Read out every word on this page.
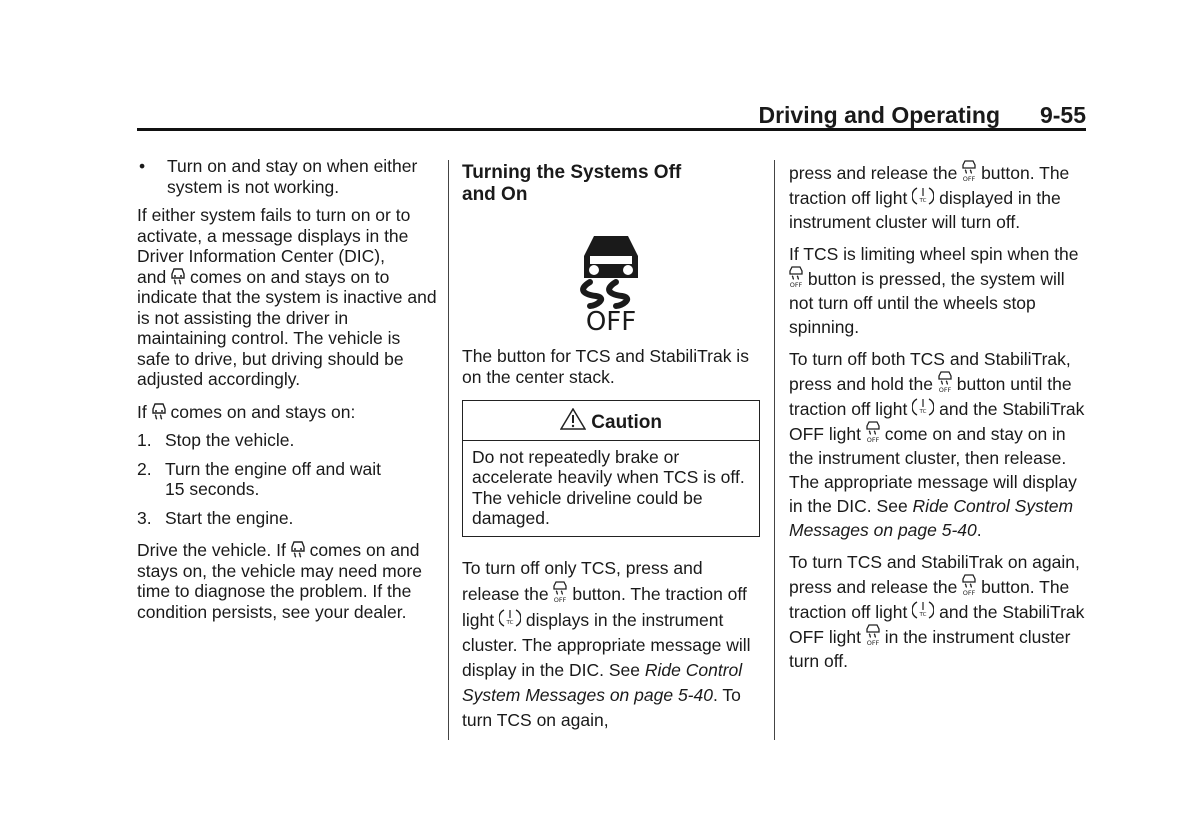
Driving and Operating 9-55
•	Turn on and stay on when either system is not working.

If either system fails to turn on or to activate, a message displays in the Driver Information Center (DIC),

and comes on and stays on to indicate that the system is inactive and is not assisting the driver in maintaining control. The vehicle is safe to drive, but driving should be adjusted accordingly.

If comes on and stays on:

1. Stop the vehicle.
2. Turn the engine off and wait
15 seconds.
3. Start the engine.

Drive the vehicle. If comes on and stays on, the vehicle may need more time to diagnose the problem. If the condition persists, see your dealer.

Turning the Systems Off and On
OFF

The button for TCS and StabiliTrak is on the center stack.

Caution
Do not repeatedly brake or accelerate heavily when TCS is off. The vehicle driveline could be damaged.

To turn off only TCS, press and release the button. The traction off light displays in the instrument cluster. The appropriate message will display in the DIC. See Ride Control System Messages on page 5-40. To turn TCS on again,

press and release the button. The traction off light displayed in the instrument cluster will turn off.

If TCS is limiting wheel spin when the  button is pressed, the system will not turn off until the wheels stop spinning.

To turn off both TCS and StabiliTrak, press and hold the button until the traction off light and the StabiliTrak OFF light come on and stay on in the instrument cluster, then release. The appropriate message will display in the DIC. See Ride Control System Messages on page 5-40.

To turn TCS and StabiliTrak on again, press and release the button. The traction off light and the StabiliTrak OFF light in the instrument cluster turn off.
